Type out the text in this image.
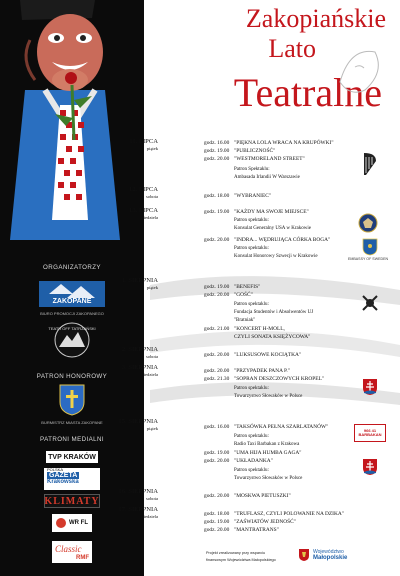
ORGANIZATORZY
ZAKOPANE
BIURO PROMOCJI ZAKOPANEGO
TEATR OFF TATRZAŃSKI
PATRON HONOROWY
BURMISTRZ MIASTA ZAKOPANE
PATRONI MEDIALNI
TVP KRAKÓW
POLSKA
GAZETA
Krakowska
KLIMATY
WR FL
Classic
RMF
Zakopiańskie
Lato
Teatralne
11. LIPCA
piątek
godz. 16.00 "PIĘKNA LOLA WRACA NA KRUPÓWKI"
godz. 19.00 "PUBLICZNOŚĆ"
godz. 20.00 "WESTMORELAND STREET"
Patron Spektaklu:
Ambasada Irlandii W Warszawie
12. LIPCA
sobota	godz. 18.00 "WYBRANIEC"
13. LIPCA
niedziela
godz. 19.00 "KAŻDY MA SWOJE MIEJSCE"
Patron spektaklu:
Konsulat Generalny USA w Krakowie
godz. 20.00 "INDRA... WĘDRUJĄCA CÓRKA BOGA"
Patron spektaklu:
Konsulat Honorowy Szwecji w Krakowie	EMBASSY OF SWEDEN
1. SIERPNIA
piątek	godz. 19.00 "BENEFIS"
godz. 20.00 "GOŚĆ"
Patron spektaklu:
Fundacja Studentów i Absolwentów UJ
"Bratniak"
godz. 21.00 "KONCERT H-MOLL,
CZYLI SONATA KSIĘŻYCOWA"
2. SIERPNIA
sobota	godz. 20.00 "LUKSUSOWE KOCIĄTKA"
3. SIERPNIA
niedziela
godz. 20.00 "PRZYPADEK PANA P."
godz. 21.30 "SOPRAN DESZCZOWYCH KROPEL"
Patron spektaklu:
Towarzystwo Słowaków w Polsce
15. SIERPNIA
piątek	godz. 16.00 "TAKSÓWKA PEŁNA SZARLATANÓW"
Patron spektaklu:
Radio Taxi Barbakan z Krakowa
966 41 BARBAKAN
godz. 19.00 "UMA HIJA HUMBA GAGA"
godz. 20.00 "UKŁADANKA"
Patron spektaklu:
Towarzystwo Słowaków w Polsce
16. SIERPNIA
sobota	godz. 20.00 "MOSKWA PIETUSZKI"
17. SIERPNIA
niedziela	godz. 18.00 "TRUFLASZ, CZYLI POLOWANIE NA DZIKA"
godz. 19.00 "ZAŚWIATÓW JEDNOŚĆ"
godz. 20.00 "MANTRATRANS"
Projekt zrealizowany przy wsparciu
finansowym Województwa Małopolskiego
Województwo
Małopolskie
